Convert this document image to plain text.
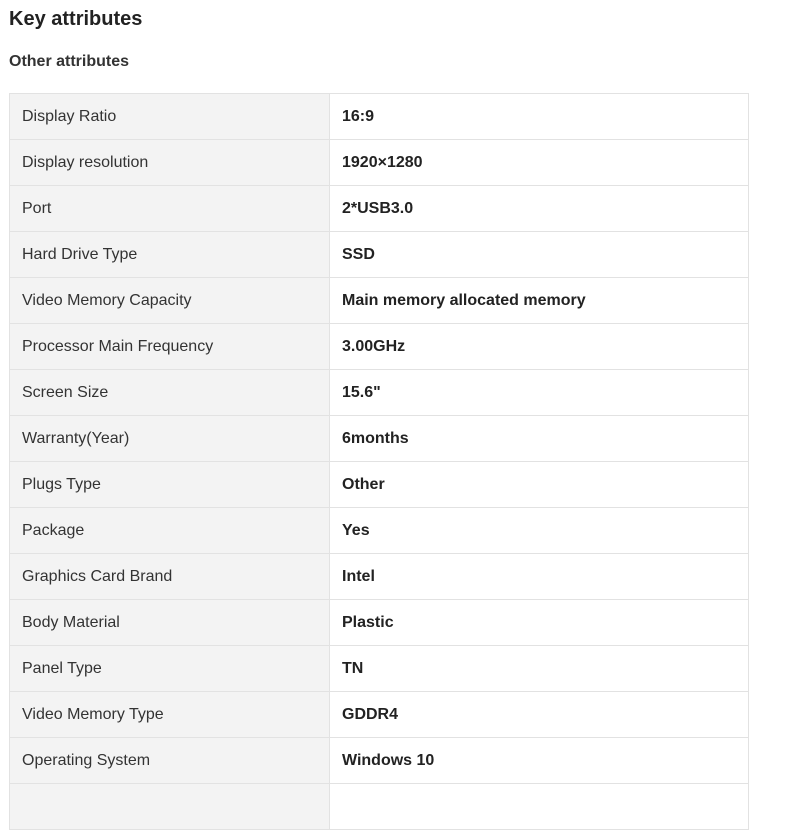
Key attributes
Other attributes
Display Ratio	16:9
Display resolution	1920×1280
Port	2*USB3.0
Hard Drive Type	SSD
Video Memory Capacity	Main memory allocated memory
Processor Main Frequency	3.00GHz
Screen Size	15.6"
Warranty(Year)	6months
Plugs Type	Other
Package	Yes
Graphics Card Brand	Intel
Body Material	Plastic
Panel Type	TN
Video Memory Type	GDDR4
Operating System	Windows 10
